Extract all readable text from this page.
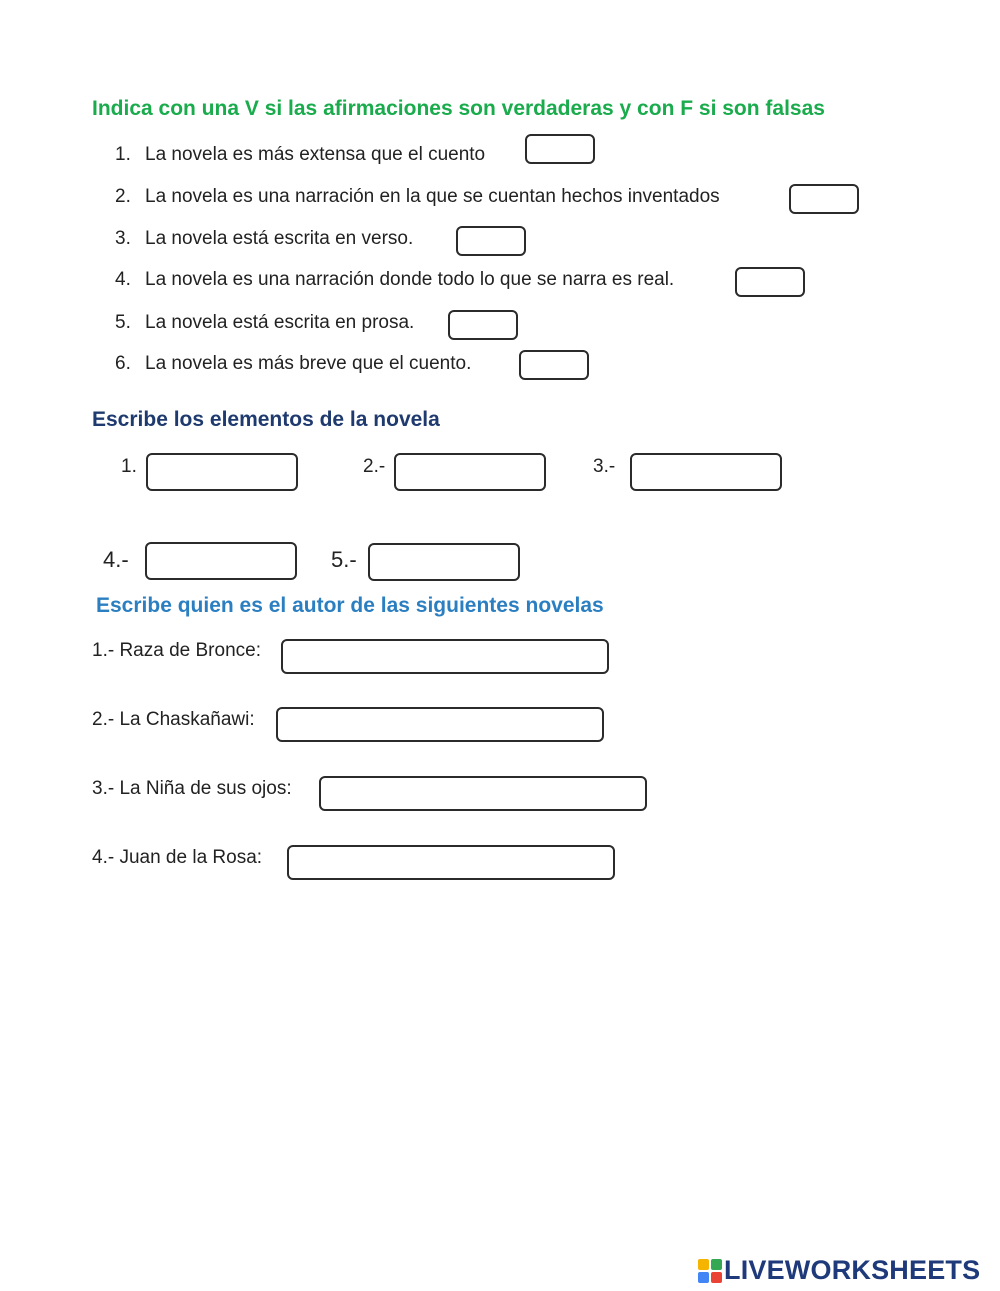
Indica con una V si las afirmaciones son verdaderas y con F si son falsas
1. La novela es más extensa que el cuento
2. La novela es una narración en la que se cuentan hechos inventados
3. La novela está escrita en verso.
4. La novela es una narración donde todo lo que se narra es real.
5. La novela está escrita en prosa.
6. La novela es más breve que el cuento.
Escribe los elementos de la novela
1.	2.-	3.-
4.-	5.-
Escribe quien es el autor de las siguientes novelas
1.- Raza de Bronce:
2.- La Chaskañawi:
3.- La Niña de sus ojos:
4.- Juan de la Rosa:
LIVEWORKSHEETS
